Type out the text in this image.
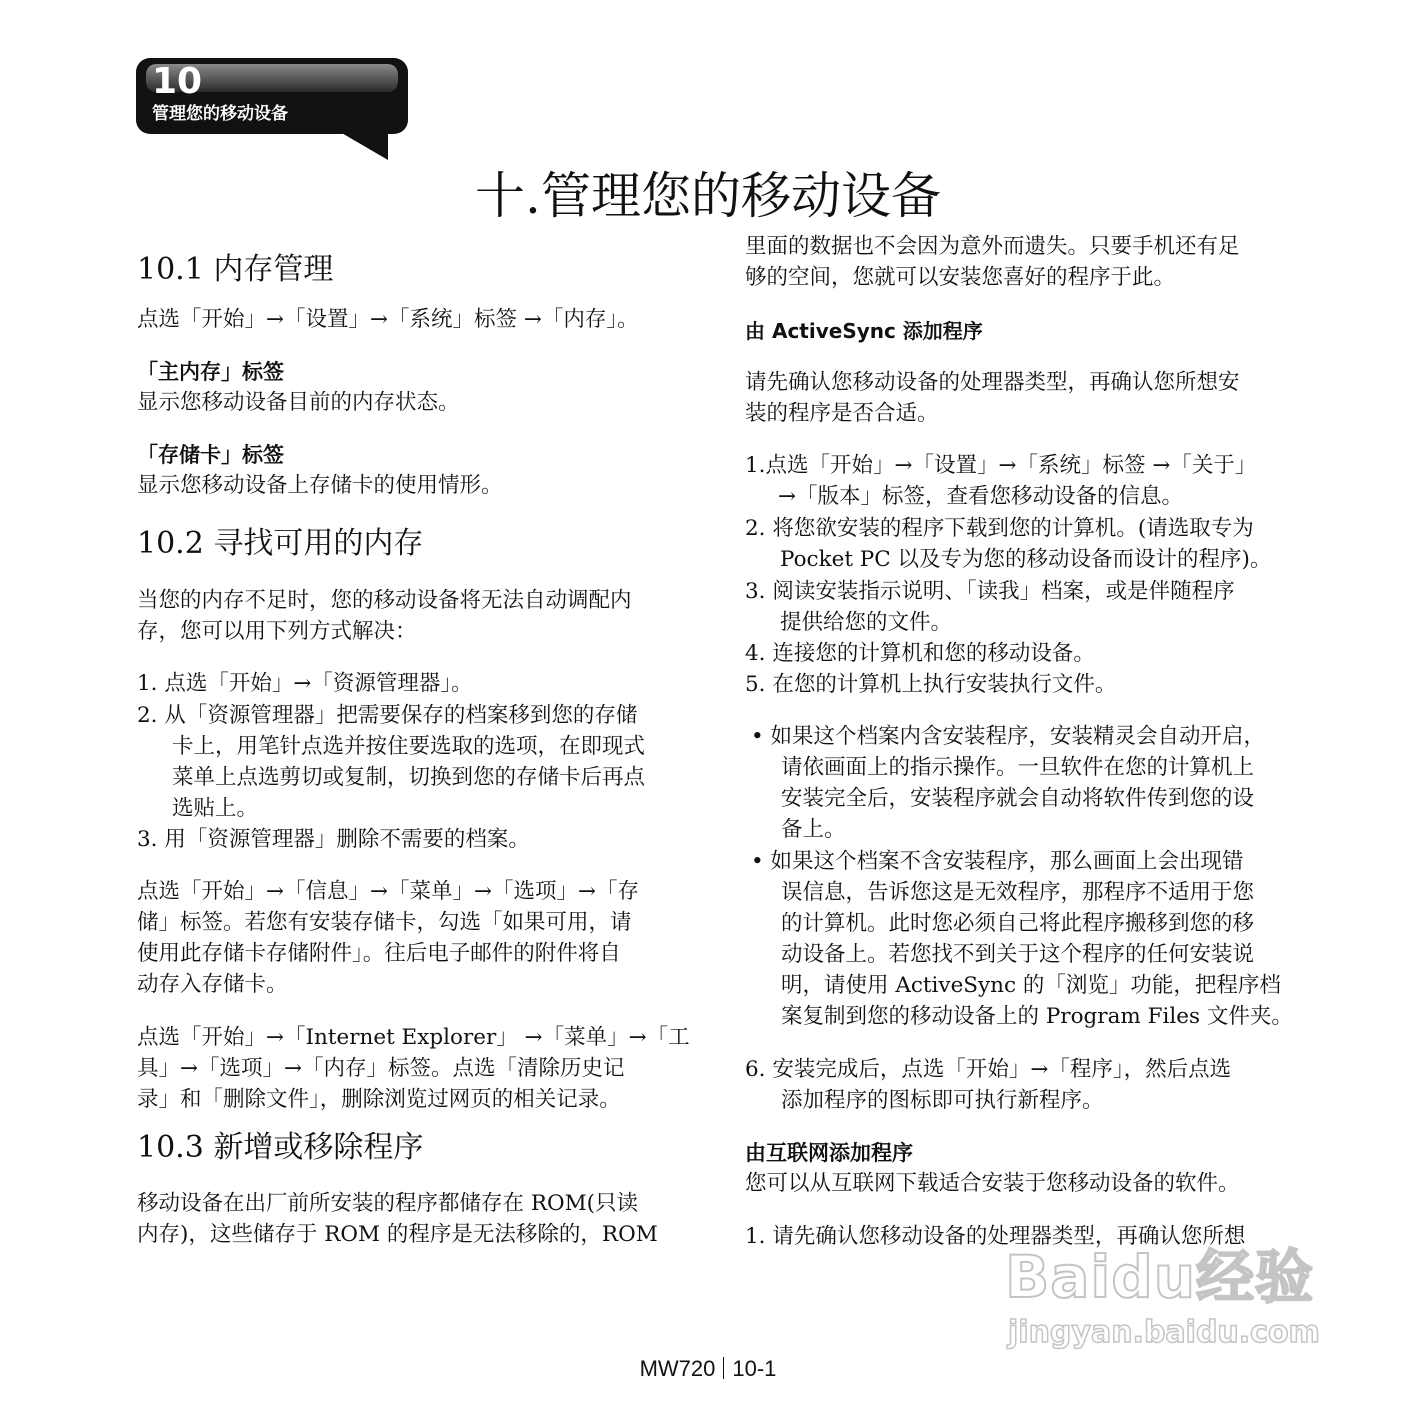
10
管理您的移动设备
十.管理您的移动设备
10.1 内存管理
点选「开始」→「设置」→「系统」标签 →「内存」。
「主内存」标签
显示您移动设备目前的内存状态。
「存储卡」标签
显示您移动设备上存储卡的使用情形。
10.2 寻找可用的内存
当您的内存不足时，您的移动设备将无法自动调配内
存，您可以用下列方式解决：
1. 点选「开始」→「资源管理器」。
2. 从「资源管理器」把需要保存的档案移到您的存储
卡上，用笔针点选并按住要选取的选项，在即现式
菜单上点选剪切或复制，切换到您的存储卡后再点
选贴上。
3. 用「资源管理器」删除不需要的档案。
点选「开始」→「信息」→「菜单」→「选项」→「存
储」标签。若您有安装存储卡，勾选「如果可用，请
使用此存储卡存储附件」。往后电子邮件的附件将自
动存入存储卡。
点选「开始」→「Internet Explorer」 →「菜单」→「工
具」→「选项」→「内存」标签。点选「清除历史记
录」和「删除文件」，删除浏览过网页的相关记录。
10.3 新增或移除程序
移动设备在出厂前所安装的程序都储存在 ROM(只读
内存)，这些储存于 ROM 的程序是无法移除的，ROM
里面的数据也不会因为意外而遗失。只要手机还有足
够的空间，您就可以安装您喜好的程序于此。
由 ActiveSync 添加程序
请先确认您移动设备的处理器类型，再确认您所想安
装的程序是否合适。
1.点选「开始」→「设置」→「系统」标签 →「关于」
→「版本」标签，查看您移动设备的信息。
2. 将您欲安装的程序下载到您的计算机。(请选取专为
Pocket PC 以及专为您的移动设备而设计的程序)。
3. 阅读安装指示说明、「读我」档案，或是伴随程序
提供给您的文件。
4. 连接您的计算机和您的移动设备。
5. 在您的计算机上执行安装执行文件。
• 如果这个档案内含安装程序，安装精灵会自动开启，
请依画面上的指示操作。一旦软件在您的计算机上
安装完全后，安装程序就会自动将软件传到您的设
备上。
• 如果这个档案不含安装程序，那么画面上会出现错
误信息，告诉您这是无效程序，那程序不适用于您
的计算机。此时您必须自己将此程序搬移到您的移
动设备上。若您找不到关于这个程序的任何安装说
明，请使用 ActiveSync 的「浏览」功能，把程序档
案复制到您的移动设备上的 Program Files 文件夹。
6. 安装完成后，点选「开始」→「程序」，然后点选
添加程序的图标即可执行新程序。
由互联网添加程序
您可以从互联网下载适合安装于您移动设备的软件。
1. 请先确认您移动设备的处理器类型，再确认您所想
Baidu经验
jingyan.baidu.com
MW720 10-1
